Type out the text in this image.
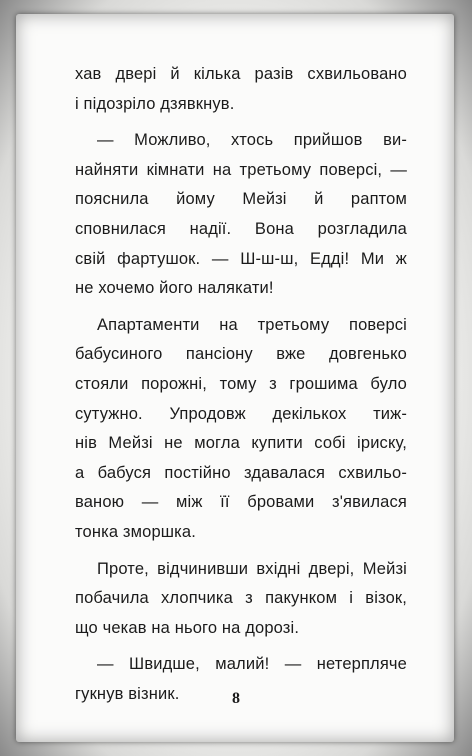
хав двері й кілька разів схвильовано
і підозріло дзявкнув.
— Можливо, хтось прийшов ви-
найняти кімнати на третьому поверсі, —
пояснила йому Мейзі й раптом
сповнилася надії. Вона розгладила
свій фартушок. — Ш-ш-ш, Едді! Ми ж
не хочемо його налякати!
Апартаменти на третьому поверсі
бабусиного пансіону вже довгенько
стояли порожні, тому з грошима було
сутужно. Упродовж декількох тиж-
нів Мейзі не могла купити собі іриску,
а бабуся постійно здавалася схвильо-
ваною — між її бровами з'явилася
тонка зморшка.
Проте, відчинивши вхідні двері, Мейзі
побачила хлопчика з пакунком і візок,
що чекав на нього на дорозі.
— Швидше, малий! — нетерпляче
гукнув візник.	8
